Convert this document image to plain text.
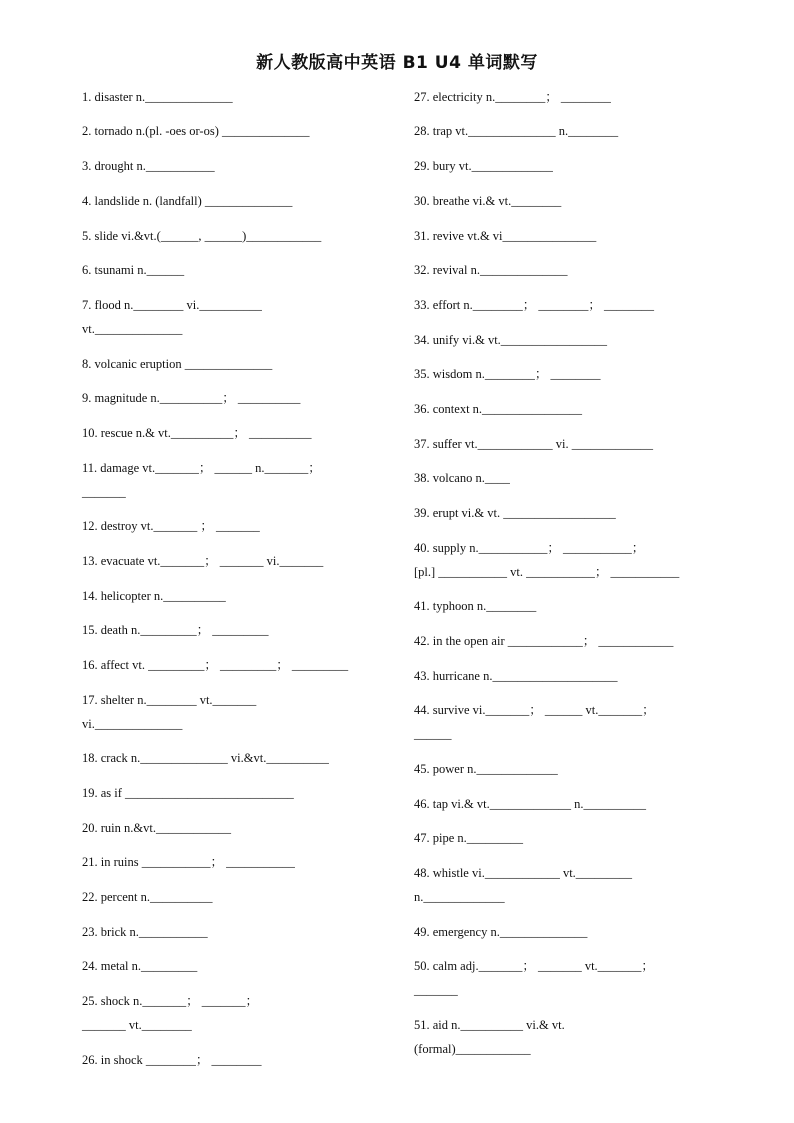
新人教版高中英语 B1 U4 单词默写
1. disaster n.______________
2. tornado n.(pl. -oes or-os) ______________
3. drought n.___________
4. landslide n. (landfall) ______________
5. slide vi.&vt.(______, ______)____________
6. tsunami n.______
7. flood n.________ vi.__________
vt.______________
8. volcanic eruption ______________
9. magnitude n.__________； __________
10. rescue n.& vt.__________； __________
11. damage vt._______； ______ n._______；
_______
12. destroy vt._______ ； _______
13. evacuate vt._______； _______ vi._______
14. helicopter n.__________
15. death n._________； _________
16. affect vt. _________； _________； _________
17. shelter n.________ vt._______
vi.______________
18. crack n.______________ vi.&vt.__________
19. as if ___________________________
20. ruin n.&vt.____________
21. in ruins ___________； ___________
22. percent n.__________
23. brick n.___________
24. metal n._________
25. shock n._______； _______；
_______ vt.________
26. in shock ________； ________
27. electricity n.________； ________
28. trap vt.______________ n.________
29. bury vt._____________
30. breathe vi.& vt.________
31. revive vt.& vi_______________
32. revival n.______________
33. effort n.________； ________； ________
34. unify vi.& vt._________________
35. wisdom n.________； ________
36. context n.________________
37. suffer vt.____________ vi. _____________
38. volcano n.____
39. erupt vi.& vt. __________________
40. supply n.___________； ___________；
[pl.] ___________ vt. ___________； ___________
41. typhoon n.________
42. in the open air ____________； ____________
43. hurricane n.____________________
44. survive vi._______； ______ vt._______；
______
45. power n._____________
46. tap vi.& vt._____________ n.__________
47. pipe n._________
48. whistle vi.____________ vt._________
n._____________
49. emergency n.______________
50. calm adj._______； _______ vt._______；
_______
51. aid n.__________ vi.& vt.
(formal)____________
